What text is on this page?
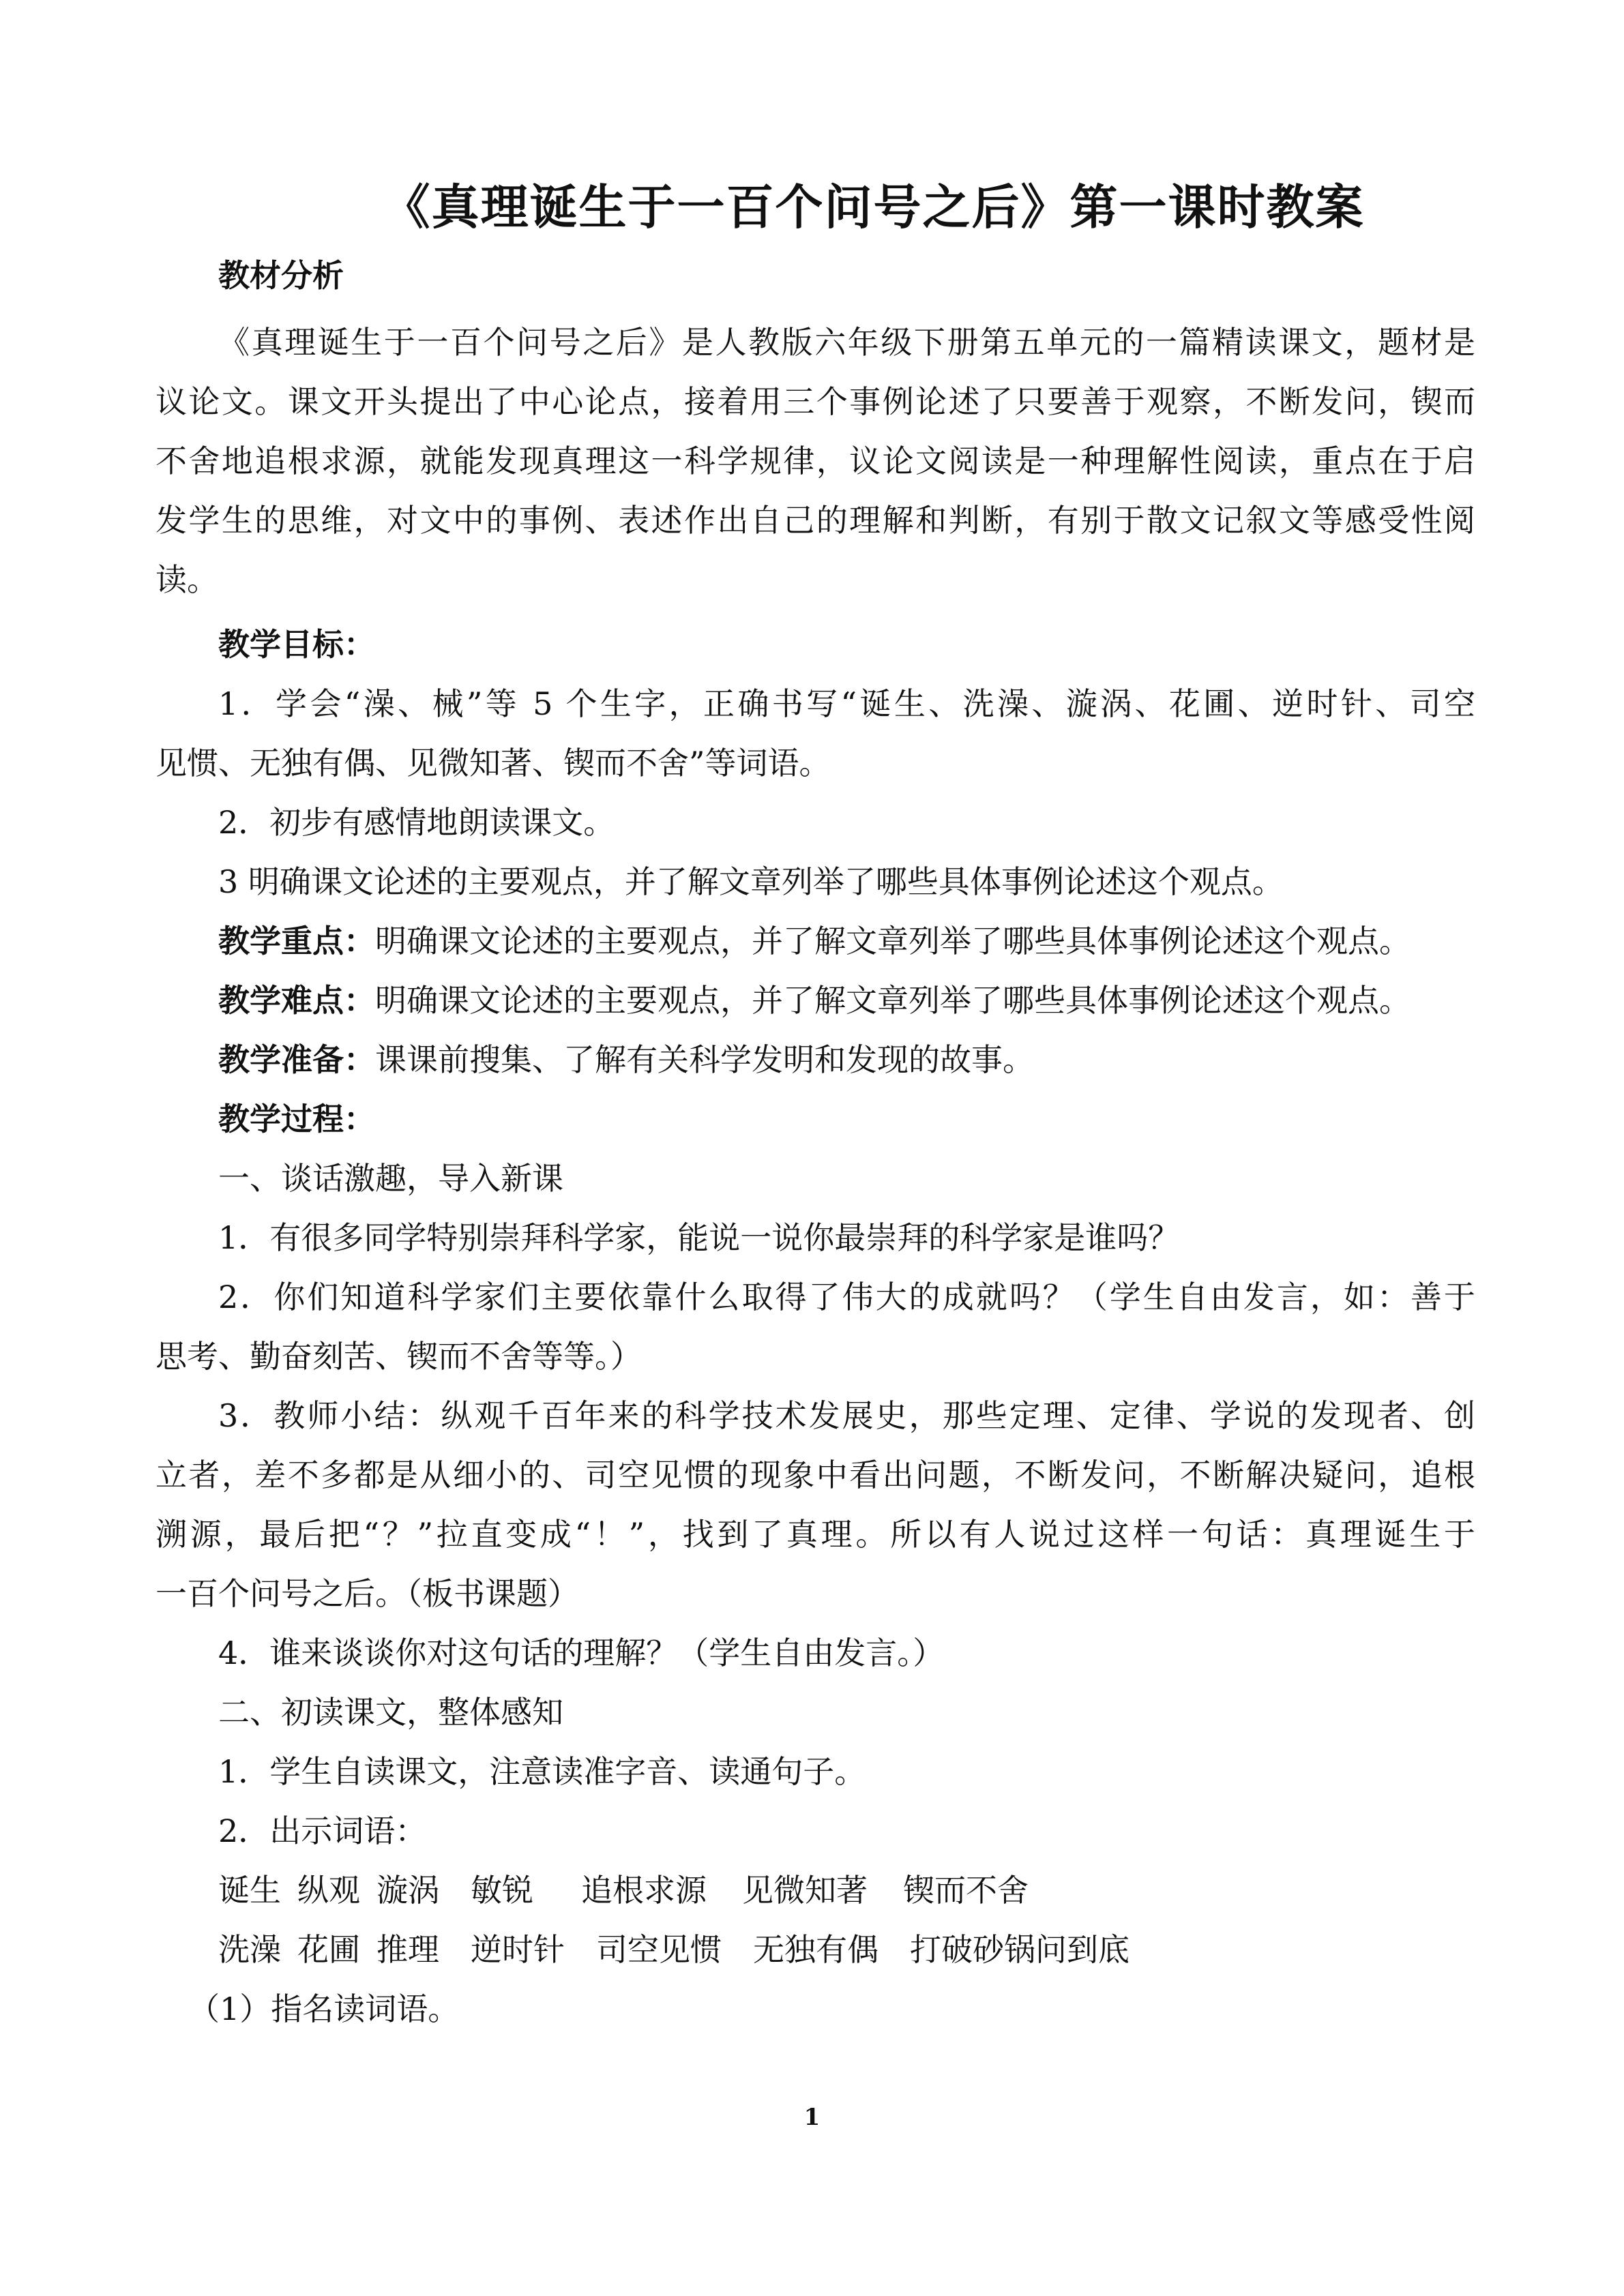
《真理诞生于一百个问号之后》第一课时教案
教材分析
《真理诞生于一百个问号之后》是人教版六年级下册第五单元的一篇精读课文，题材是
议论文。课文开头提出了中心论点，接着用三个事例论述了只要善于观察，不断发问，锲而
不舍地追根求源，就能发现真理这一科学规律，议论文阅读是一种理解性阅读，重点在于启
发学生的思维，对文中的事例、表述作出自己的理解和判断，有别于散文记叙文等感受性阅
读。
教学目标：
1．学会“澡、械”等 5 个生字，正确书写“诞生、洗澡、漩涡、花圃、逆时针、司空
见惯、无独有偶、见微知著、锲而不舍”等词语。
2．初步有感情地朗读课文。
3 明确课文论述的主要观点，并了解文章列举了哪些具体事例论述这个观点。
教学重点：明确课文论述的主要观点，并了解文章列举了哪些具体事例论述这个观点。
教学难点：明确课文论述的主要观点，并了解文章列举了哪些具体事例论述这个观点。
教学准备：课课前搜集、了解有关科学发明和发现的故事。
教学过程：
一、谈话激趣，导入新课
1．有很多同学特别崇拜科学家，能说一说你最崇拜的科学家是谁吗？
2．你们知道科学家们主要依靠什么取得了伟大的成就吗？（学生自由发言，如：善于
思考、勤奋刻苦、锲而不舍等等。）
3．教师小结：纵观千百年来的科学技术发展史，那些定理、定律、学说的发现者、创
立者，差不多都是从细小的、司空见惯的现象中看出问题，不断发问，不断解决疑问，追根
溯源，最后把“？”拉直变成“！”，找到了真理。所以有人说过这样一句话：真理诞生于
一百个问号之后。（板书课题）
4．谁来谈谈你对这句话的理解？（学生自由发言。）
二、初读课文，整体感知
1．学生自读课文，注意读准字音、读通句子。
2．出示词语：
诞生 纵观 漩涡 敏锐 追根求源 见微知著 锲而不舍
洗澡 花圃 推理 逆时针 司空见惯 无独有偶 打破砂锅问到底
（1）指名读词语。
1
